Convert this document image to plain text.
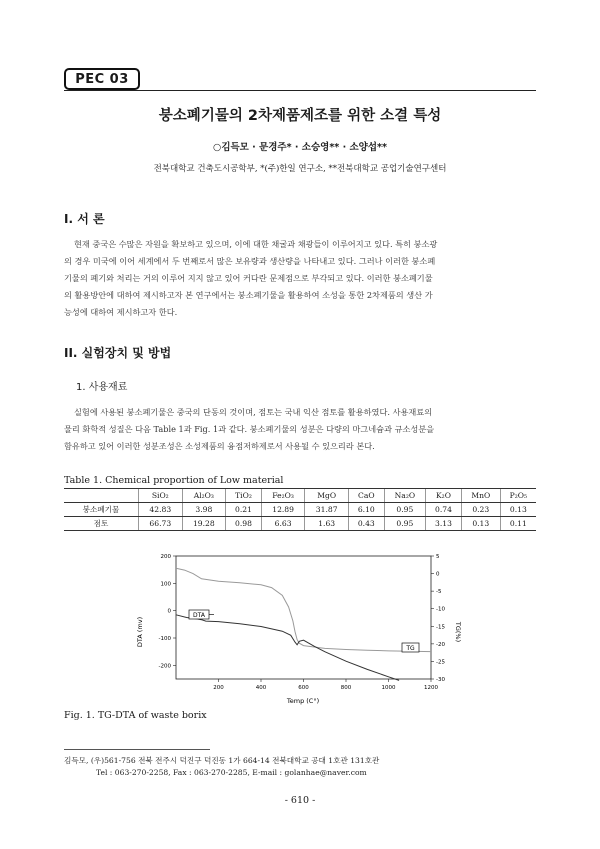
PEC 03
붕소폐기물의 2차제품제조를 위한 소결 특성
○김득모 · 문경주* · 소승영** · 소양섭**
전북대학교 건축도시공학부, *(주)한일 연구소, **전북대학교 공업기술연구센터
I. 서 론

현재 중국은 수많은 자원을 확보하고 있으며, 이에 대한 채굴과 채광들이 이루어지고 있다. 특히 붕소광

의 경우 미국에 이어 세계에서 두 번째로서 많은 보유량과 생산량을 나타내고 있다. 그러나 이러한 붕소폐

기물의 폐기와 처리는 거의 이루어 지지 않고 있어 커다란 문제점으로 부각되고 있다. 이러한 붕소폐기물

의 활용방안에 대하여 제시하고자 본 연구에서는 붕소폐기물을 활용하여 소성을 통한 2차제품의 생산 가

능성에 대하여 제시하고자 한다.

II. 실험장치 및 방법
1. 사용재료

실험에 사용된 붕소폐기물은 중국의 단동의 것이며, 점토는 국내 익산 점토를 활용하였다. 사용재료의

물리 화학적 성질은 다음 Table 1과 Fig. 1과 같다. 붕소폐기물의 성분은 다량의 마그네슘과 규소성분을

함유하고 있어 이러한 성분조성은 소성제품의 융점저하제로서 사용될 수 있으리라 본다.

Table 1. Chemical proportion of Low material
	SiO₂	Al₂O₃	TiO₂	Fe₂O₃	MgO	CaO	Na₂O	K₂O	MnO	P₂O₅
붕소폐기물	42.83	3.98	0.21	12.89	31.87	6.10	0.95	0.74	0.23	0.13
점토	66.73	19.28	0.98	6.63	1.63	0.43	0.95	3.13	0.13	0.11
200
100
0
-100
-200
5
0
-5
-10
-15
-20
-25
-30
200	400	600	800	1000	1200
DTA
TG
DTA (mv)	TG(%)
Temp (C°)
Fig. 1. TG-DTA of waste borix
김득모, (우)561-756 전북 전주시 덕진구 덕진동 1가 664-14 전북대학교 공대 1호관 131호관
Tel : 063-270-2258, Fax : 063-270-2285, E-mail : golanhae@naver.com
- 610 -
